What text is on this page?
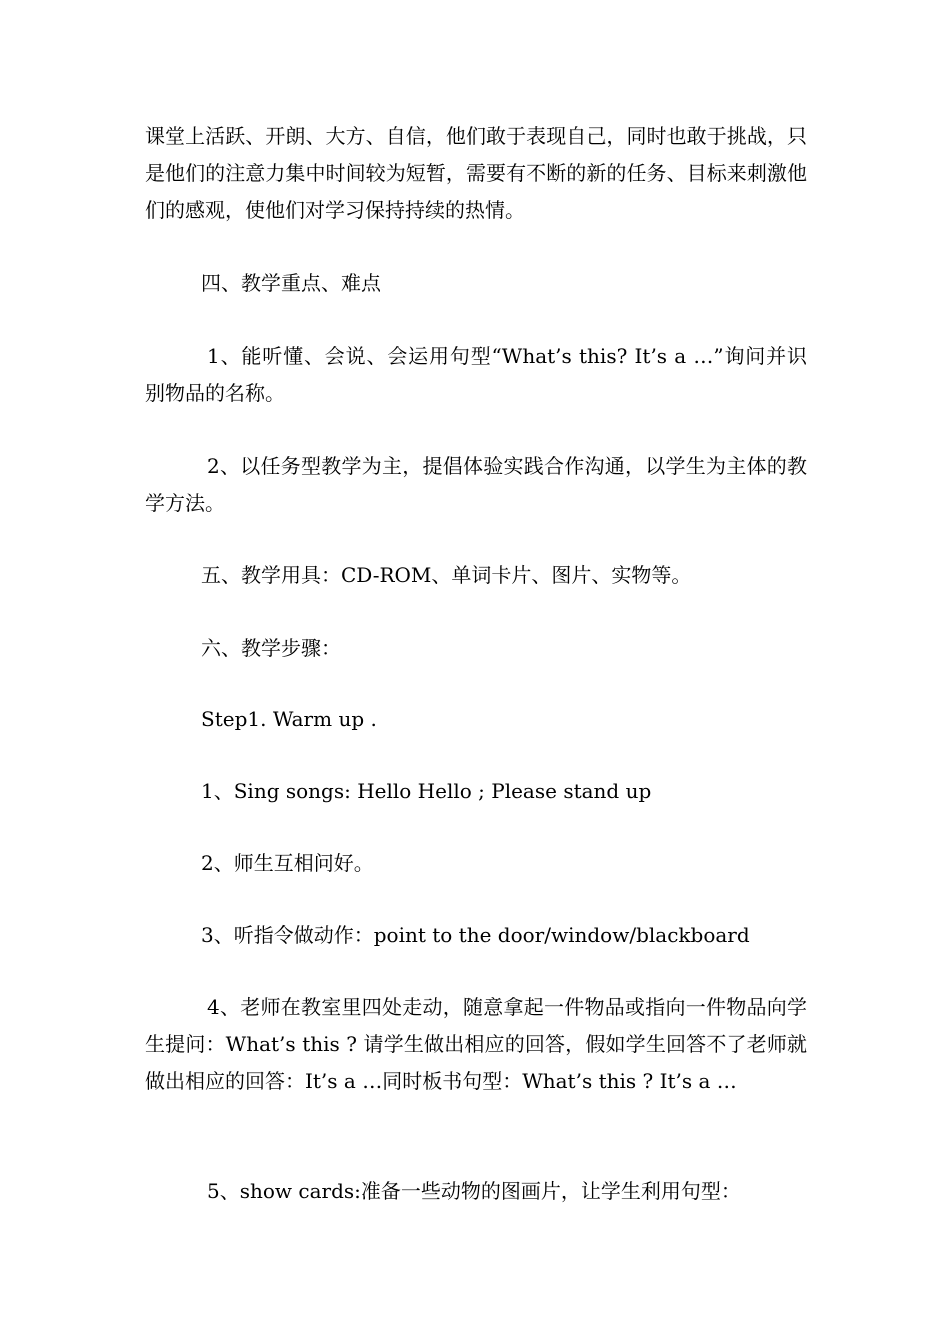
课堂上活跃、开朗、大方、自信，他们敢于表现自己，同时也敢于挑战，只是他们的注意力集中时间较为短暂，需要有不断的新的任务、目标来刺激他们的感观，使他们对学习保持持续的热情。

四、教学重点、难点

1、能听懂、会说、会运用句型“What’s this? It’s a …”询问并识别物品的名称。

2、以任务型教学为主，提倡体验实践合作沟通，以学生为主体的教学方法。

五、教学用具：CD-ROM、单词卡片、图片、实物等。

六、教学步骤：

Step1. Warm up .

1、Sing songs: Hello Hello ; Please stand up

2、师生互相问好。

3、听指令做动作：point to the door/window/blackboard

4、老师在教室里四处走动，随意拿起一件物品或指向一件物品向学生提问：What’s this ? 请学生做出相应的回答，假如学生回答不了老师就做出相应的回答：It’s a …同时板书句型：What’s this ? It’s a …

5、show cards:准备一些动物的图画片，让学生利用句型：
